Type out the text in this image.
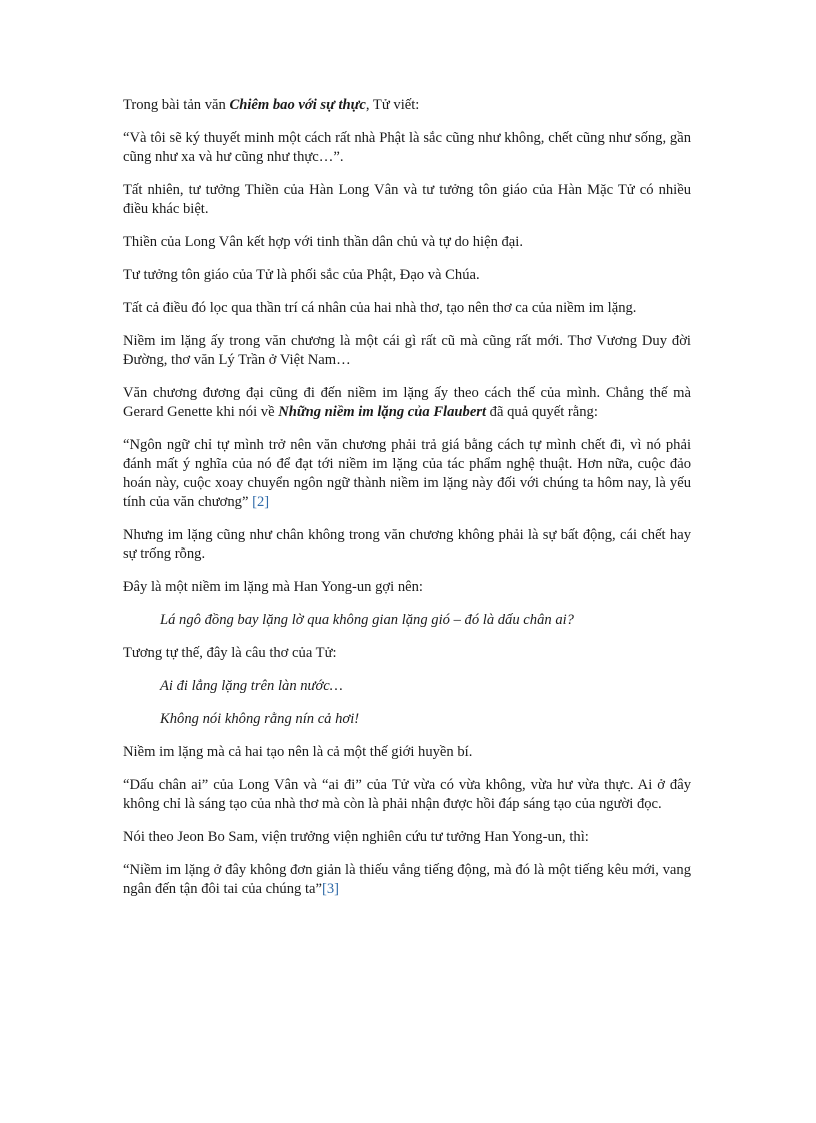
Trong bài tản văn Chiêm bao với sự thực, Tử viết:

“Và tôi sẽ ký thuyết minh một cách rất nhà Phật là sắc cũng như không, chết cũng như sống, gần cũng như xa và hư cũng như thực…”.

Tất nhiên, tư tưởng Thiền của Hàn Long Vân và tư tưởng tôn giáo của Hàn Mặc Tử có nhiều điều khác biệt.

Thiền của Long Vân kết hợp với tinh thần dân chủ và tự do hiện đại.

Tư tưởng tôn giáo của Tử là phối sắc của Phật, Đạo và Chúa.

Tất cả điều đó lọc qua thần trí cá nhân của hai nhà thơ, tạo nên thơ ca của niềm im lặng.

Niềm im lặng ấy trong văn chương là một cái gì rất cũ mà cũng rất mới. Thơ Vương Duy đời Đường, thơ văn Lý Trần ở Việt Nam…

Văn chương đương đại cũng đi đến niềm im lặng ấy theo cách thế của mình. Chẳng thế mà Gerard Genette khi nói về Những niềm im lặng của Flaubert đã quả quyết rằng:

“Ngôn ngữ chỉ tự mình trở nên văn chương phải trả giá bằng cách tự mình chết đi, vì nó phải đánh mất ý nghĩa của nó để đạt tới niềm im lặng của tác phẩm nghệ thuật. Hơn nữa, cuộc đảo hoán này, cuộc xoay chuyển ngôn ngữ thành niềm im lặng này đối với chúng ta hôm nay, là yếu tính của văn chương” [2]

Nhưng im lặng cũng như chân không trong văn chương không phải là sự bất động, cái chết hay sự trống rỗng.

Đây là một niềm im lặng mà Han Yong-un gợi nên:

Lá ngô đồng bay lặng lờ qua không gian lặng gió – đó là dấu chân ai?

Tương tự thế, đây là câu thơ của Tử:

Ai đi lẳng lặng trên làn nước…

Không nói không rằng nín cả hơi!

Niềm im lặng mà cả hai tạo nên là cả một thế giới huyền bí.

“Dấu chân ai” của Long Vân và “ai đi” của Tử vừa có vừa không, vừa hư vừa thực. Ai ở đây không chỉ là sáng tạo của nhà thơ mà còn là phải nhận được hồi đáp sáng tạo của người đọc.

Nói theo Jeon Bo Sam, viện trưởng viện nghiên cứu tư tưởng Han Yong-un, thì:

“Niềm im lặng ở đây không đơn giản là thiếu vắng tiếng động, mà đó là một tiếng kêu mới, vang ngân đến tận đôi tai của chúng ta”[3]
